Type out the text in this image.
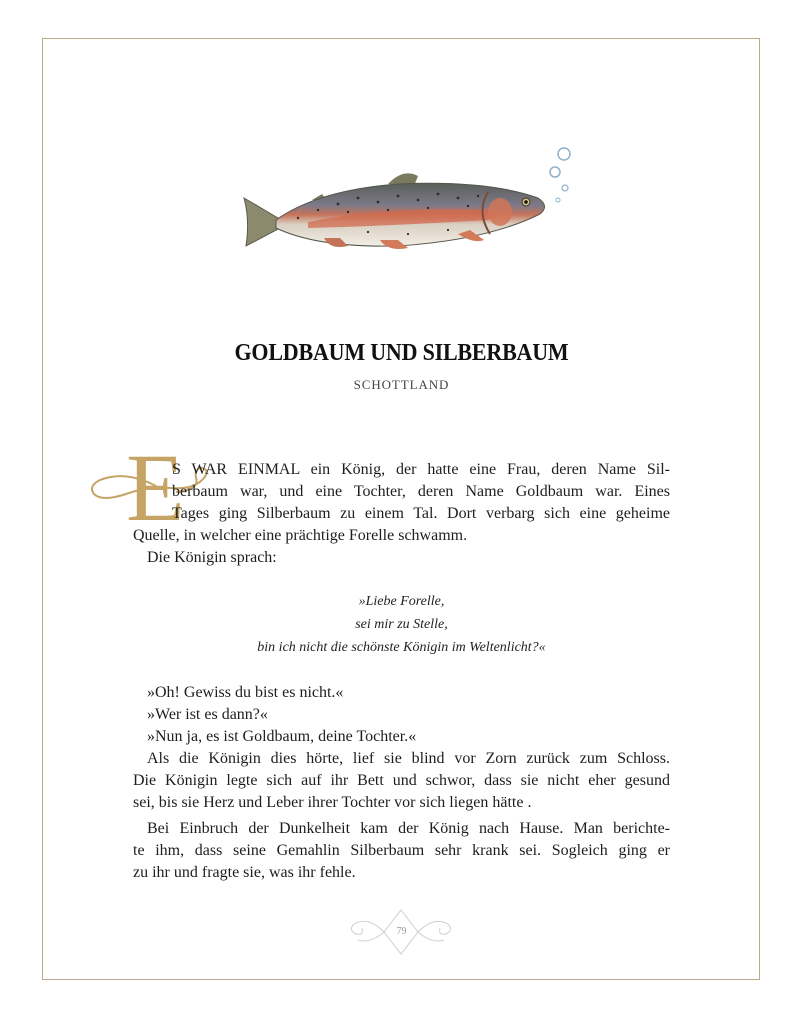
GOLDBAUM UND SILBERBAUM
SCHOTTLAND
E
S WAR EINMAL ein König, der hatte eine Frau, deren Name Sil-
berbaum war, und eine Tochter, deren Name Goldbaum war. Eines
Tages ging Silberbaum zu einem Tal. Dort verbarg sich eine geheime
Quelle, in welcher eine prächtige Forelle schwamm.
Die Königin sprach:
»Liebe Forelle,
sei mir zu Stelle,
bin ich nicht die schönste Königin im Weltenlicht?«
»Oh! Gewiss du bist es nicht.«
»Wer ist es dann?«
»Nun ja, es ist Goldbaum, deine Tochter.«
Als die Königin dies hörte, lief sie blind vor Zorn zurück zum Schloss.
Die Königin legte sich auf ihr Bett und schwor, dass sie nicht eher gesund
sei, bis sie Herz und Leber ihrer Tochter vor sich liegen hätte .
Bei Einbruch der Dunkelheit kam der König nach Hause. Man berichte-
te ihm, dass seine Gemahlin Silberbaum sehr krank sei. Sogleich ging er
zu ihr und fragte sie, was ihr fehle.
79
